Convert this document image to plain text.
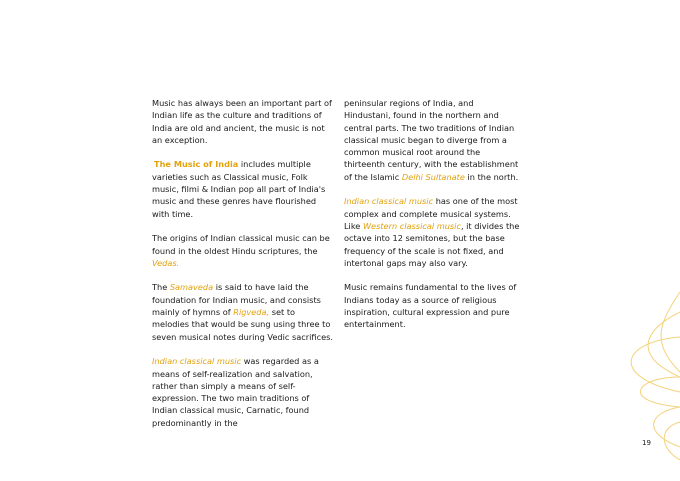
Music has always been an important part of Indian life as the culture and traditions of India are old and ancient, the music is not an exception.

The Music of India includes multiple varieties such as Classical music, Folk music, filmi & Indian pop all part of India's music and these genres have flourished with time.

The origins of Indian classical music can be found in the oldest Hindu scriptures, the Vedas.

The Samaveda is said to have laid the foundation for Indian music, and consists mainly of hymns of Rigveda, set to melodies that would be sung using three to seven musical notes during Vedic sacrifices.

Indian classical music was regarded as a means of self-realization and salvation, rather than simply a means of self-expression. The two main traditions of Indian classical music, Carnatic, found predominantly in the

peninsular regions of India, and Hindustani, found in the northern and central parts. The two traditions of Indian classical music began to diverge from a common musical root around the thirteenth century, with the establishment of the Islamic Delhi Sultanate in the north.

Indian classical music has one of the most complex and complete musical systems. Like Western classical music, it divides the octave into 12 semitones, but the base frequency of the scale is not fixed, and intertonal gaps may also vary.

Music remains fundamental to the lives of Indians today as a source of religious inspiration, cultural expression and pure entertainment.

19
